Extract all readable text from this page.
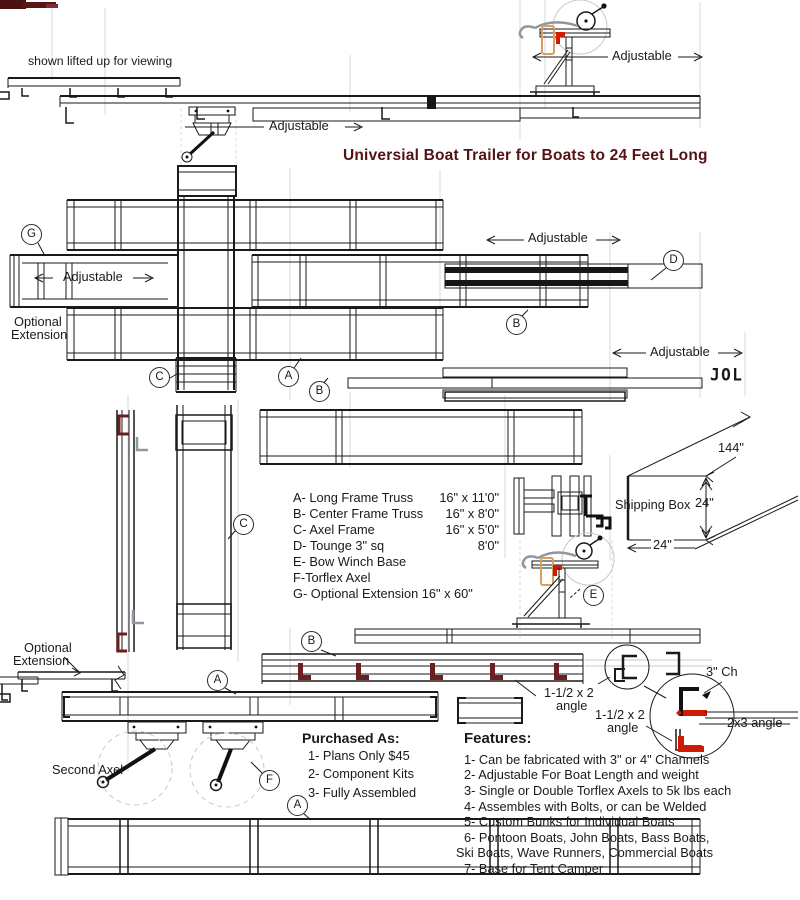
shown lifted up for viewing
Adjustable
Adjustable
Adjustable
Adjustable
Adjustable
Universial Boat Trailer for Boats to 24 Feet Long
Optional
Extension
Optional
Extension
JOL
A- Long Frame Truss 16" x 11'0"
B- Center Frame Truss 16" x 8'0"
C- Axel Frame	16" x 5'0"
D- Tounge 3" sq	8'0"
E- Bow Winch Base
F-Torflex Axel
G- Optional Extension 16" x 60"
144"
Shipping Box 24"
24"
1-1/2 x 2
angle
1-1/2 x 2
angle
3" Ch
2x3 angle
Second Axel
Purchased As:
1- Plans Only $45
2- Component Kits
3- Fully Assembled
Features:
1- Can be fabricated with 3" or 4" Channels
2- Adjustable For Boat Length and weight
3- Single or Double Torflex Axels to 5k lbs each
4- Assembles with Bolts, or can be Welded
5- Custom Bunks for Individual Boats
6- Pontoon Boats, John Boats, Bass Boats,
Ski Boats, Wave Runners, Commercial Boats
7- Base for Tent Camper
G
C	A
B
D
B
C
E
B
A
F
A
